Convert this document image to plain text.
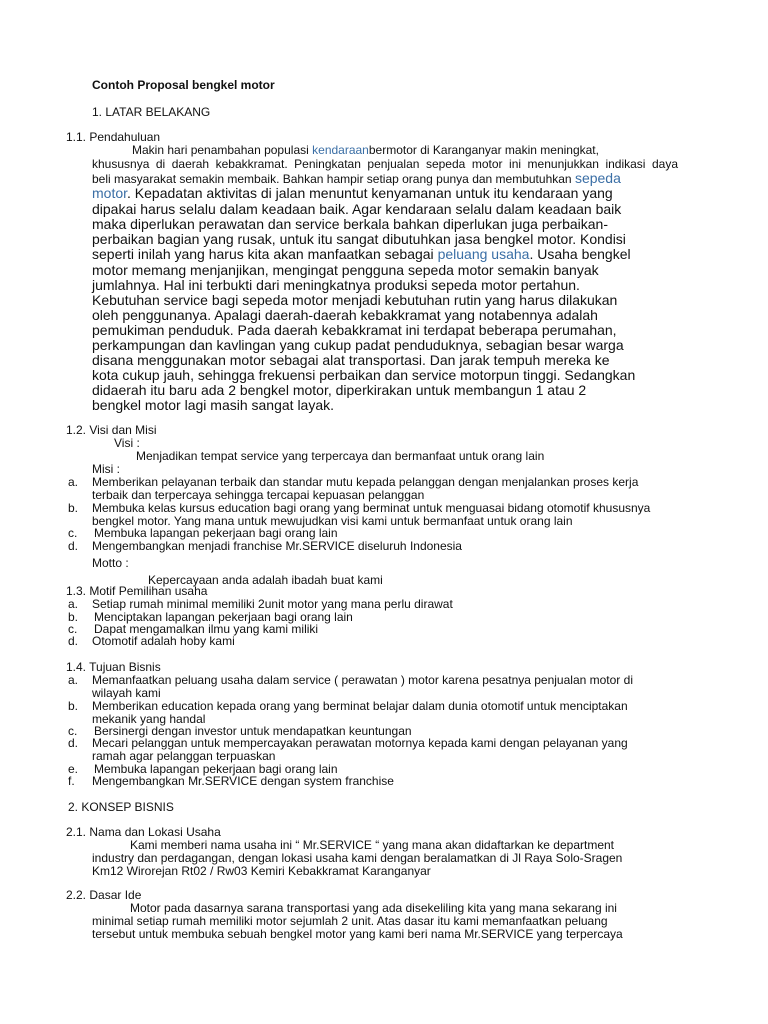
Contoh Proposal bengkel motor
1. LATAR BELAKANG
1.1. Pendahuluan
Makin hari penambahan populasi kendaraanbermotor di Karanganyar makin meningkat,
khususnya di daerah kebakkramat. Peningkatan penjualan sepeda motor ini menunjukkan indikasi daya
beli masyarakat semakin membaik. Bahkan hampir setiap orang punya dan membutuhkan sepeda
motor. Kepadatan aktivitas di jalan menuntut kenyamanan untuk itu kendaraan yang
dipakai harus selalu dalam keadaan baik. Agar kendaraan selalu dalam keadaan baik
maka diperlukan perawatan dan service berkala bahkan diperlukan juga perbaikan-
perbaikan bagian yang rusak, untuk itu sangat dibutuhkan jasa bengkel motor. Kondisi
seperti inilah yang harus kita akan manfaatkan sebagai peluang usaha. Usaha bengkel
motor memang menjanjikan, mengingat pengguna sepeda motor semakin banyak
jumlahnya. Hal ini terbukti dari meningkatnya produksi sepeda motor pertahun.
Kebutuhan service bagi sepeda motor menjadi kebutuhan rutin yang harus dilakukan
oleh penggunanya. Apalagi daerah-daerah kebakkramat yang notabennya adalah
pemukiman penduduk. Pada daerah kebakkramat ini terdapat beberapa perumahan,
perkampungan dan kavlingan yang cukup padat penduduknya, sebagian besar warga
disana menggunakan motor sebagai alat transportasi. Dan jarak tempuh mereka ke
kota cukup jauh, sehingga frekuensi perbaikan dan service motorpun tinggi. Sedangkan
didaerah itu baru ada 2 bengkel motor, diperkirakan untuk membangun 1 atau 2
bengkel motor lagi masih sangat layak.
1.2. Visi dan Misi
Visi :
Menjadikan tempat service yang terpercaya dan bermanfaat untuk orang lain
Misi :
a. Memberikan pelayanan terbaik dan standar mutu kepada pelanggan dengan menjalankan proses kerja
terbaik dan terpercaya sehingga tercapai kepuasan pelanggan
b. Membuka kelas kursus education bagi orang yang berminat untuk menguasai bidang otomotif khususnya
bengkel motor. Yang mana untuk mewujudkan visi kami untuk bermanfaat untuk orang lain
c. Membuka lapangan pekerjaan bagi orang lain
d. Mengembangkan menjadi franchise Mr.SERVICE diseluruh Indonesia
Motto :
Kepercayaan anda adalah ibadah buat kami
1.3. Motif Pemilihan usaha
a. Setiap rumah minimal memiliki 2unit motor yang mana perlu dirawat
b. Menciptakan lapangan pekerjaan bagi orang lain
c. Dapat mengamalkan ilmu yang kami miliki
d. Otomotif adalah hoby kami
1.4. Tujuan Bisnis
a. Memanfaatkan peluang usaha dalam service ( perawatan ) motor karena pesatnya penjualan motor di
wilayah kami
b. Memberikan education kepada orang yang berminat belajar dalam dunia otomotif untuk menciptakan
mekanik yang handal
c. Bersinergi dengan investor untuk mendapatkan keuntungan
d. Mecari pelanggan untuk mempercayakan perawatan motornya kepada kami dengan pelayanan yang
ramah agar pelanggan terpuaskan
e. Membuka lapangan pekerjaan bagi orang lain
f. Mengembangkan Mr.SERVICE dengan system franchise
2. KONSEP BISNIS
2.1. Nama dan Lokasi Usaha
Kami memberi nama usaha ini “ Mr.SERVICE “ yang mana akan didaftarkan ke department
industry dan perdagangan, dengan lokasi usaha kami dengan beralamatkan di Jl Raya Solo-Sragen
Km12 Wirorejan Rt02 / Rw03 Kemiri Kebakkramat Karanganyar
2.2. Dasar Ide
Motor pada dasarnya sarana transportasi yang ada disekeliling kita yang mana sekarang ini
minimal setiap rumah memiliki motor sejumlah 2 unit. Atas dasar itu kami memanfaatkan peluang
tersebut untuk membuka sebuah bengkel motor yang kami beri nama Mr.SERVICE yang terpercaya
